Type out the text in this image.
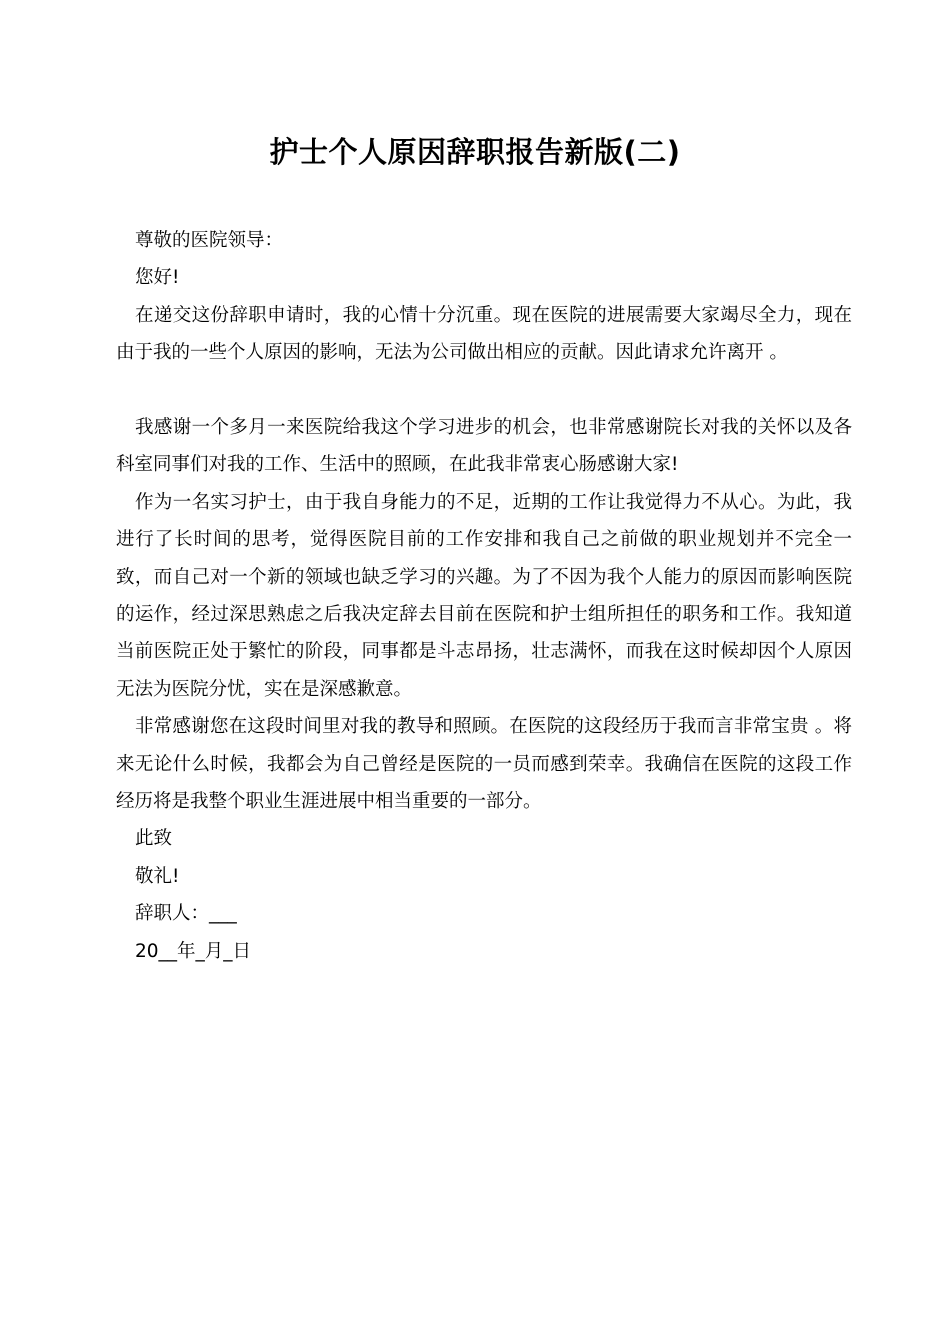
护士个人原因辞职报告新版(二)

尊敬的医院领导：

您好!

在递交这份辞职申请时，我的心情十分沉重。现在医院的进展需要大家竭尽全力，现在由于我的一些个人原因的影响，无法为公司做出相应的贡献。因此请求允许离开 。

我感谢一个多月一来医院给我这个学习进步的机会，也非常感谢院长对我的关怀以及各科室同事们对我的工作、生活中的照顾，在此我非常衷心肠感谢大家!

作为一名实习护士，由于我自身能力的不足，近期的工作让我觉得力不从心。为此，我进行了长时间的思考，觉得医院目前的工作安排和我自己之前做的职业规划并不完全一致，而自己对一个新的领域也缺乏学习的兴趣。为了不因为我个人能力的原因而影响医院的运作，经过深思熟虑之后我决定辞去目前在医院和护士组所担任的职务和工作。我知道当前医院正处于繁忙的阶段，同事都是斗志昂扬，壮志满怀，而我在这时候却因个人原因无法为医院分忧，实在是深感歉意。

非常感谢您在这段时间里对我的教导和照顾。在医院的这段经历于我而言非常宝贵 。将来无论什么时候，我都会为自己曾经是医院的一员而感到荣幸。我确信在医院的这段工作经历将是我整个职业生涯进展中相当重要的一部分。

此致

敬礼!

辞职人：___

20__年_月_日
